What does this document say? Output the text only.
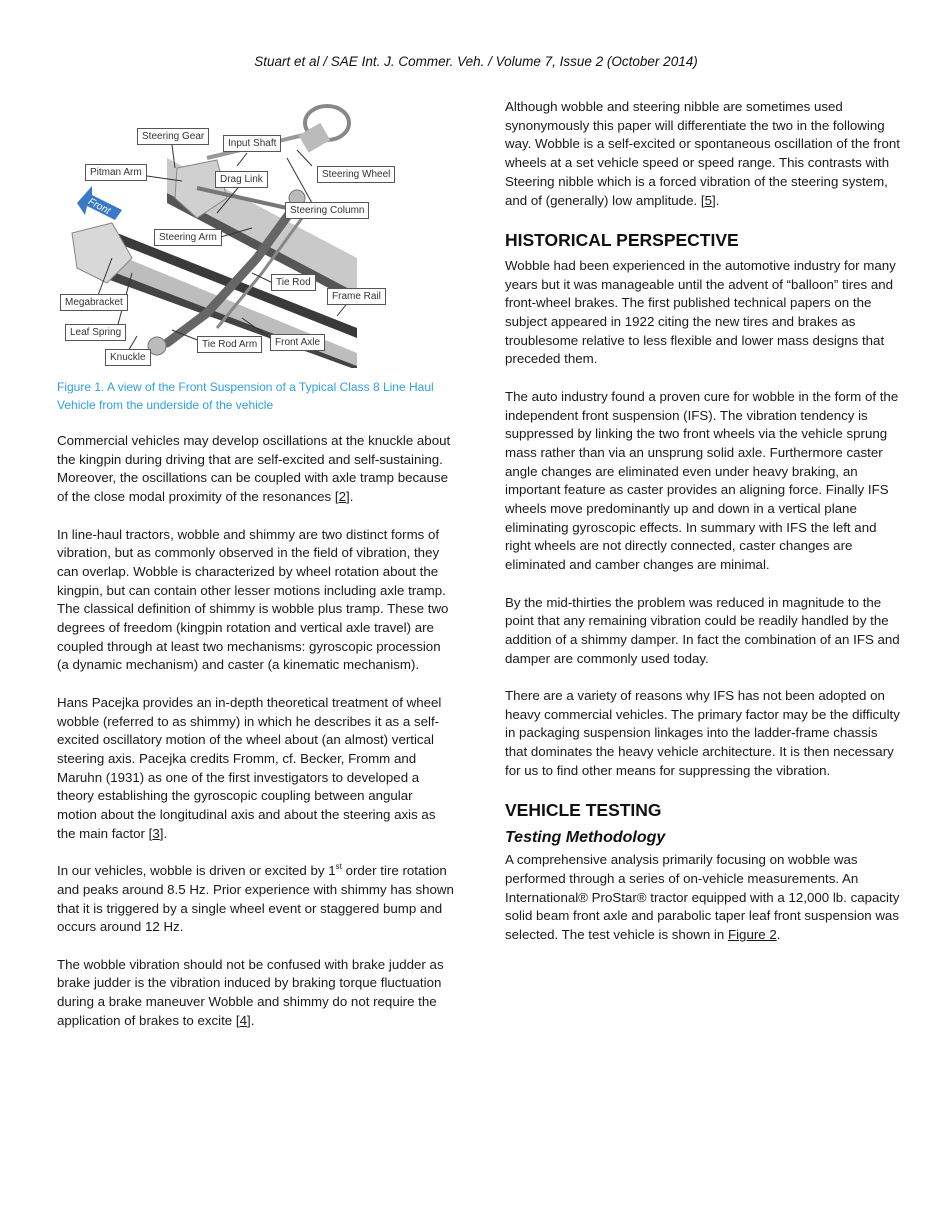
Stuart et al / SAE Int. J. Commer. Veh. / Volume 7, Issue 2 (October 2014)
Steering Gear
Input Shaft
Pitman Arm
Drag Link	Steering Wheel
Steering Column
Steering Arm
Tie Rod
Frame Rail
Megabracket
Leaf Spring
Tie Rod Arm	Front Axle
Knuckle
Front
Figure 1. A view of the Front Suspension of a Typical Class 8 Line Haul Vehicle from the underside of the vehicle

Commercial vehicles may develop oscillations at the knuckle about the kingpin during driving that are self-excited and self-sustaining. Moreover, the oscillations can be coupled with axle tramp because of the close modal proximity of the resonances [2].

In line-haul tractors, wobble and shimmy are two distinct forms of vibration, but as commonly observed in the field of vibration, they can overlap. Wobble is characterized by wheel rotation about the kingpin, but can contain other lesser motions including axle tramp. The classical definition of shimmy is wobble plus tramp. These two degrees of freedom (kingpin rotation and vertical axle travel) are coupled through at least two mechanisms: gyroscopic procession (a dynamic mechanism) and caster (a kinematic mechanism).

Hans Pacejka provides an in-depth theoretical treatment of wheel wobble (referred to as shimmy) in which he describes it as a self-excited oscillatory motion of the wheel about (an almost) vertical steering axis. Pacejka credits Fromm, cf. Becker, Fromm and Maruhn (1931) as one of the first investigators to developed a theory establishing the gyroscopic coupling between angular motion about the longitudinal axis and about the steering axis as the main factor [3].

In our vehicles, wobble is driven or excited by 1st order tire rotation and peaks around 8.5 Hz. Prior experience with shimmy has shown that it is triggered by a single wheel event or staggered bump and occurs around 12 Hz.

The wobble vibration should not be confused with brake judder as brake judder is the vibration induced by braking torque fluctuation during a brake maneuver Wobble and shimmy do not require the application of brakes to excite [4].

Although wobble and steering nibble are sometimes used synonymously this paper will differentiate the two in the following way. Wobble is a self-excited or spontaneous oscillation of the front wheels at a set vehicle speed or speed range. This contrasts with Steering nibble which is a forced vibration of the steering system, and of (generally) low amplitude. [5].

HISTORICAL PERSPECTIVE

Wobble had been experienced in the automotive industry for many years but it was manageable until the advent of “balloon” tires and front-wheel brakes. The first published technical papers on the subject appeared in 1922 citing the new tires and brakes as troublesome relative to less flexible and lower mass designs that preceded them.

The auto industry found a proven cure for wobble in the form of the independent front suspension (IFS). The vibration tendency is suppressed by linking the two front wheels via the vehicle sprung mass rather than via an unsprung solid axle. Furthermore caster angle changes are eliminated even under heavy braking, an important feature as caster provides an aligning force. Finally IFS wheels move predominantly up and down in a vertical plane eliminating gyroscopic effects. In summary with IFS the left and right wheels are not directly connected, caster changes are eliminated and camber changes are minimal.

By the mid-thirties the problem was reduced in magnitude to the point that any remaining vibration could be readily handled by the addition of a shimmy damper. In fact the combination of an IFS and damper are commonly used today.

There are a variety of reasons why IFS has not been adopted on heavy commercial vehicles. The primary factor may be the difficulty in packaging suspension linkages into the ladder-frame chassis that dominates the heavy vehicle architecture. It is then necessary for us to find other means for suppressing the vibration.

VEHICLE TESTING
Testing Methodology

A comprehensive analysis primarily focusing on wobble was performed through a series of on-vehicle measurements. An International® ProStar® tractor equipped with a 12,000 lb. capacity solid beam front axle and parabolic taper leaf front suspension was selected. The test vehicle is shown in Figure 2.
